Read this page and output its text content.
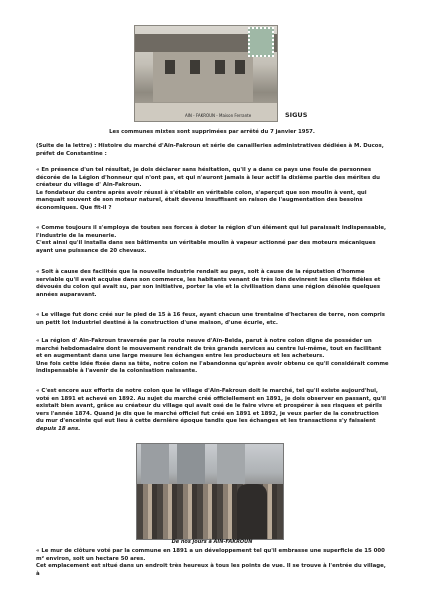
AIN - FAKROUN - Maison Ferrante	SIGUS
Les communes mixtes sont supprimées par arrêté du 7 janvier 1957.

(Suite de la lettre) : Histoire du marché d'Aïn-Fakroun et série de canailleries administratives dédiées à M. Ducos,
préfet de Constantine :

« En présence d'un tel résultat, je dois déclarer sans hésitation, qu'il y a dans ce pays une foule de personnes
décorée de la Légion d'honneur qui n'ont pas, et qui n'auront jamais à leur actif la dixième partie des mérites du
créateur du village d' Aïn-Fakroun.
Le fondateur du centre après avoir réussi à s'établir en véritable colon, s'aperçut que son moulin à vent, qui
manquait souvent de son moteur naturel, était devenu insuffisant en raison de l'augmentation des besoins
économiques. Que fit-il ?

« Comme toujours il s'employa de toutes ses forces à doter la région d'un élément qui lui paraissait indispensable,
l'industrie de la meunerie.
C'est ainsi qu'il installa dans ses bâtiments un véritable moulin à vapeur actionné par des moteurs mécaniques
ayant une puissance de 20 chevaux.

« Soit à cause des facilités que la nouvelle industrie rendait au pays, soit à cause de la réputation d'homme
serviable qu'il avait acquise dans son commerce, les habitants venant de très loin devinrent les clients fidèles et
dévoués du colon qui avait su, par son initiative, porter la vie et la civilisation dans une région désolée quelques
années auparavant.

« Le village fut donc créé sur le pied de 15 à 16 feux, ayant chacun une trentaine d'hectares de terre, non compris
un petit lot industriel destiné à la construction d'une maison, d'une écurie, etc.

« La région d' Aïn-Fakroun traversée par la route neuve d'Aïn-Beïda, parut à notre colon digne de posséder un
marché hebdomadaire dont le mouvement rendrait de très grands services au centre lui-même, tout en facilitant
et en augmentant dans une large mesure les échanges entre les producteurs et les acheteurs.
Une fois cette idée fixée dans sa tête, notre colon ne l'abandonna qu'après avoir obtenu ce qu'il considérait comme
indispensable à l'avenir de la colonisation naissante.

« C'est encore aux efforts de notre colon que le village d'Aïn-Fakroun doit le marché, tel qu'il existe aujourd'hui,
voté en 1891 et achevé en 1892. Au sujet du marché créé officiellement en 1891, je dois observer en passant, qu'il
existait bien avant, grâce au créateur du village qui avait osé de le faire vivre et prospérer à ses risques et périls
vers l'année 1874. Quand je dis que le marché officiel fut créé en 1891 et 1892, je veux parler de la construction
du mur d'enceinte qui eut lieu à cette dernière époque tandis que les échanges et les transactions s'y faisaient
depuis 18 ans.

De nos jours à AIN-FAKROUN

« Le mur de clôture voté par la commune en 1891 a un développement tel qu'il embrasse une superficie de 15 000
m² environ, soit un hectare 50 ares.
Cet emplacement est situé dans un endroit très heureux à tous les points de vue. Il se trouve à l'entrée du village, à
